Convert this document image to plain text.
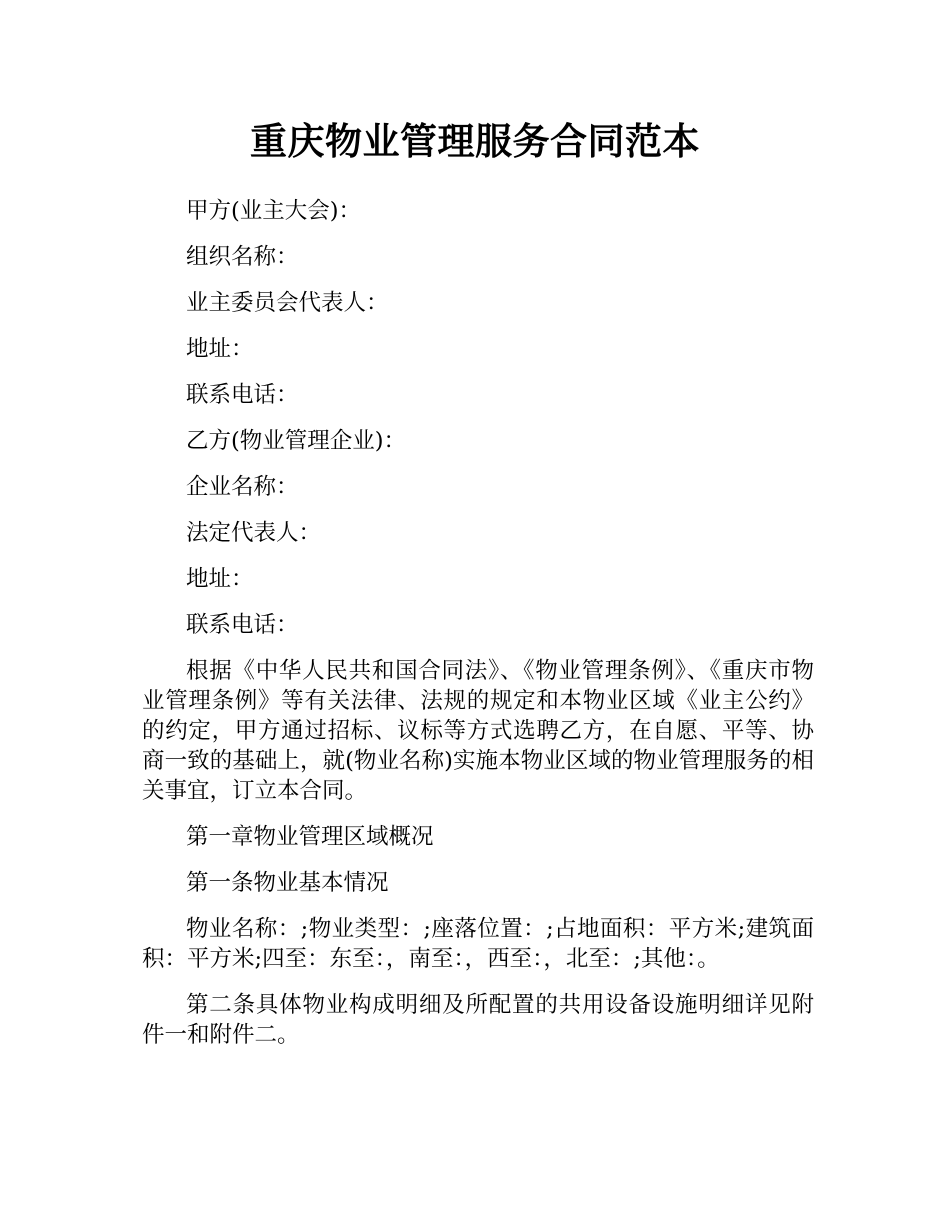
重庆物业管理服务合同范本

甲方(业主大会)：

组织名称：

业主委员会代表人：

地址：

联系电话：

乙方(物业管理企业)：

企业名称：

法定代表人：

地址：

联系电话：

根据《中华人民共和国合同法》、《物业管理条例》、《重庆市物业管理条例》等有关法律、法规的规定和本物业区域《业主公约》的约定，甲方通过招标、议标等方式选聘乙方，在自愿、平等、协商一致的基础上，就(物业名称)实施本物业区域的物业管理服务的相关事宜，订立本合同。

第一章物业管理区域概况

第一条物业基本情况

物业名称：;物业类型：;座落位置：;占地面积：平方米;建筑面积：平方米;四至：东至：，南至：，西至：，北至：;其他：。

第二条具体物业构成明细及所配置的共用设备设施明细详见附件一和附件二。
